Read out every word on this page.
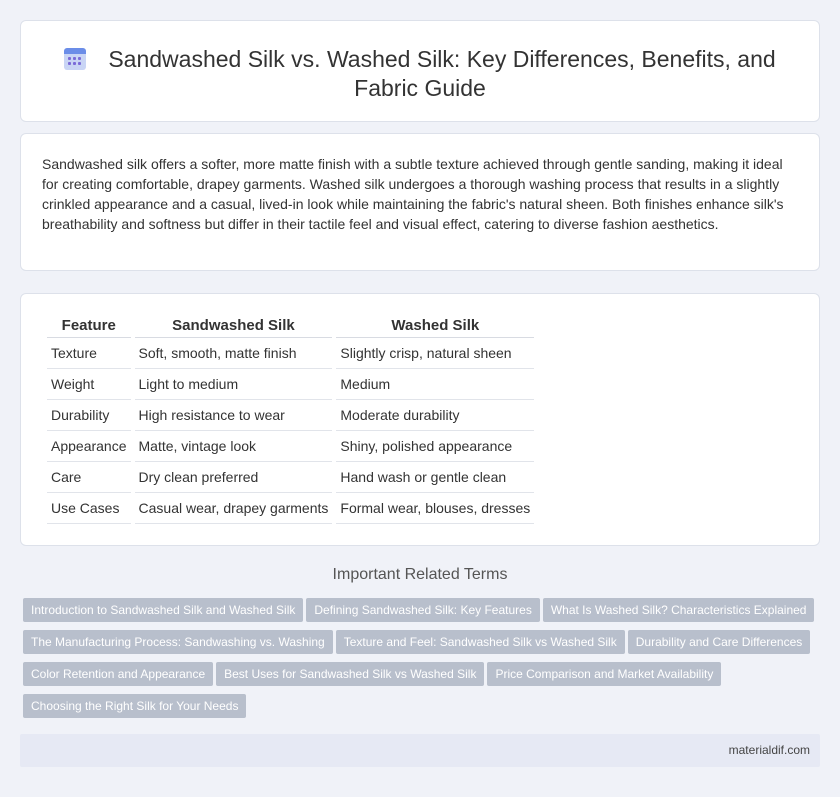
Sandwashed Silk vs. Washed Silk: Key Differences, Benefits, and Fabric Guide

Sandwashed silk offers a softer, more matte finish with a subtle texture achieved through gentle sanding, making it ideal for creating comfortable, drapey garments. Washed silk undergoes a thorough washing process that results in a slightly crinkled appearance and a casual, lived-in look while maintaining the fabric's natural sheen. Both finishes enhance silk's breathability and softness but differ in their tactile feel and visual effect, catering to diverse fashion aesthetics.

Feature	Sandwashed Silk	Washed Silk
Texture	Soft, smooth, matte finish	Slightly crisp, natural sheen
Weight	Light to medium	Medium
Durability	High resistance to wear	Moderate durability
Appearance	Matte, vintage look	Shiny, polished appearance
Care	Dry clean preferred	Hand wash or gentle clean
Use Cases	Casual wear, drapey garments	Formal wear, blouses, dresses
Important Related Terms
Introduction to Sandwashed Silk and Washed Silk Defining Sandwashed Silk: Key Features What Is Washed Silk? Characteristics ExplainedThe Manufacturing Process: Sandwashing vs. Washing Texture and Feel: Sandwashed Silk vs Washed Silk Durability and Care DifferencesColor Retention and Appearance Best Uses for Sandwashed Silk vs Washed Silk Price Comparison and Market AvailabilityChoosing the Right Silk for Your Needs
materialdif.com
